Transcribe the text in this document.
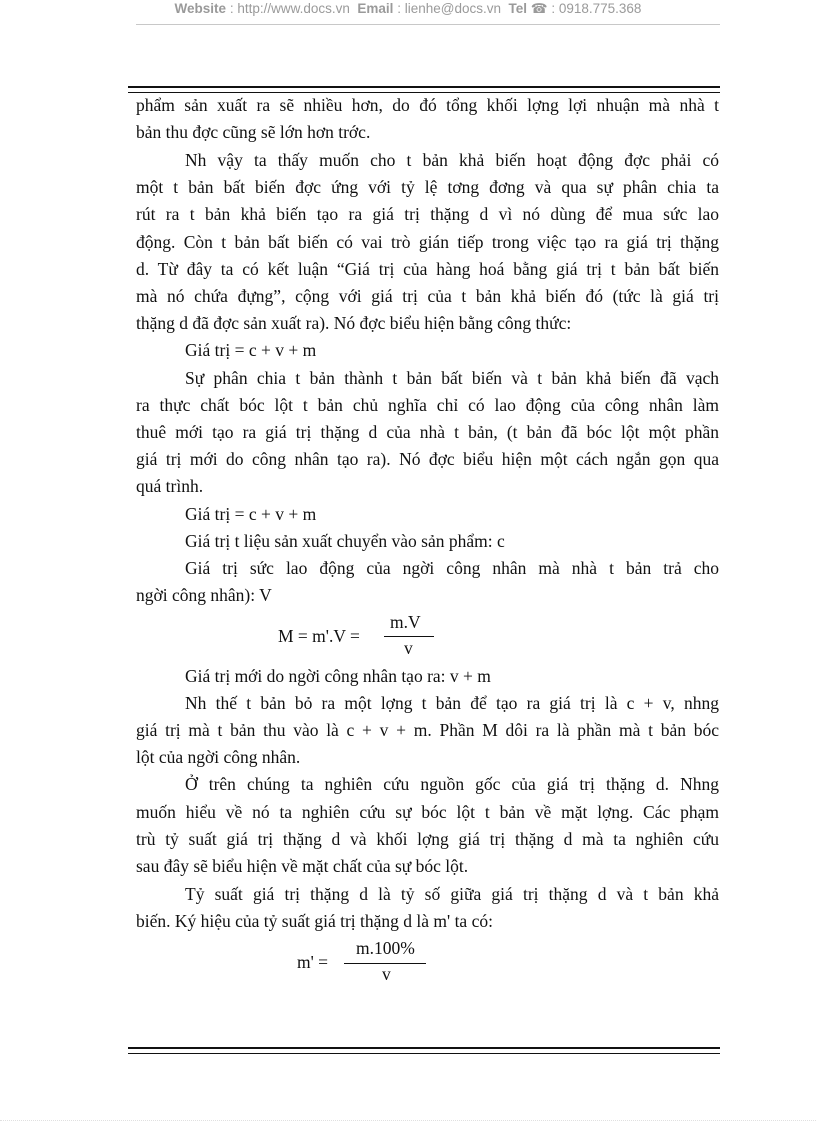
Website : http://www.docs.vn Email : lienhe@docs.vn Tel ☎ : 0918.775.368
phẩm sản xuất ra sẽ nhiều hơn, do đó tổng khối lợng lợi nhuận mà nhà t
bản thu đợc cũng sẽ lớn hơn trớc.
Nh vậy ta thấy muốn cho t bản khả biến hoạt động đợc phải có
một t bản bất biến đợc ứng với tỷ lệ tơng đơng và qua sự phân chia ta
rút ra t bản khả biến tạo ra giá trị thặng d vì nó dùng để mua sức lao
động. Còn t bản bất biến có vai trò gián tiếp trong việc tạo ra giá trị thặng
d. Từ đây ta có kết luận “Giá trị của hàng hoá bằng giá trị t bản bất biến
mà nó chứa đựng”, cộng với giá trị của t bản khả biến đó (tức là giá trị
thặng d đã đợc sản xuất ra). Nó đợc biểu hiện bằng công thức:
Giá trị = c + v + m
Sự phân chia t bản thành t bản bất biến và t bản khả biến đã vạch
ra thực chất bóc lột t bản chủ nghĩa chỉ có lao động của công nhân làm
thuê mới tạo ra giá trị thặng d của nhà t bản, (t bản đã bóc lột một phần
giá trị mới do công nhân tạo ra). Nó đợc biểu hiện một cách ngắn gọn qua
quá trình.
Giá trị = c + v + m
Giá trị t liệu sản xuất chuyển vào sản phẩm: c
Giá trị sức lao động của ngời công nhân mà nhà t bản trả cho
ngời công nhân): V
M = m'.V =
m.V
v
Giá trị mới do ngời công nhân tạo ra: v + m
Nh thế t bản bỏ ra một lợng t bản để tạo ra giá trị là c + v, nhng
giá trị mà t bản thu vào là c + v + m. Phần M dôi ra là phần mà t bản bóc
lột của ngời công nhân.
Ở trên chúng ta nghiên cứu nguồn gốc của giá trị thặng d. Nhng
muốn hiểu về nó ta nghiên cứu sự bóc lột t bản về mặt lợng. Các phạm
trù tỷ suất giá trị thặng d và khối lợng giá trị thặng d mà ta nghiên cứu
sau đây sẽ biểu hiện về mặt chất của sự bóc lột.
Tỷ suất giá trị thặng d là tỷ số giữa giá trị thặng d và t bản khả
biến. Ký hiệu của tỷ suất giá trị thặng d là m' ta có:
m' =
m.100%
v
